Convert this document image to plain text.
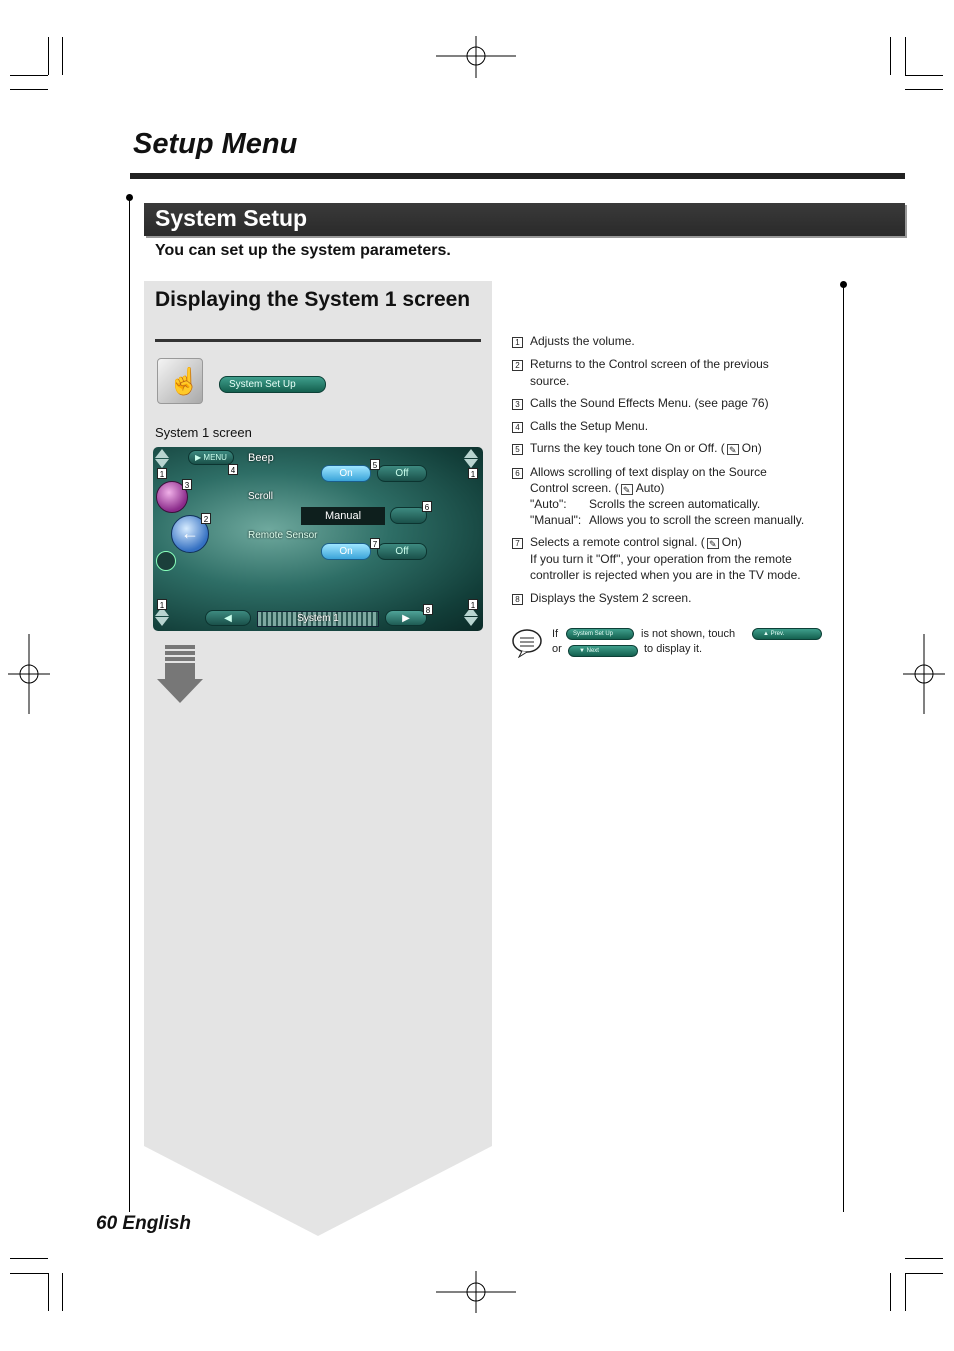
Setup Menu
System Setup
You can set up the system parameters.
Displaying the System 1 screen
☝	System Set Up
System 1 screen
▶ MENU
←
Beep
Scroll
Remote Sensor
On	Off
Manual
On	Off
◀	System 1	▶
1
3
4
2
5
6
7
1
1	1
8
1 Adjusts the volume.
2 Returns to the Control screen of the previous
source.
3 Calls the Sound Effects Menu. (see page 76)
4 Calls the Setup Menu.
5 Turns the key touch tone On or Off. ( ✎ On)
6 Allows scrolling of text display on the Source
Control screen. ( ✎ Auto)
"Auto": Scrolls the screen automatically.
"Manual": Allows you to scroll the screen manually.
7 Selects a remote control signal. ( ✎ On)
If you turn it "Off", your operation from the remote
controller is rejected when you are in the TV mode.
8 Displays the System 2 screen.
If	System Set Up	is not shown, touch	▲ Prev.
or	▼ Next	to display it.
60 English
